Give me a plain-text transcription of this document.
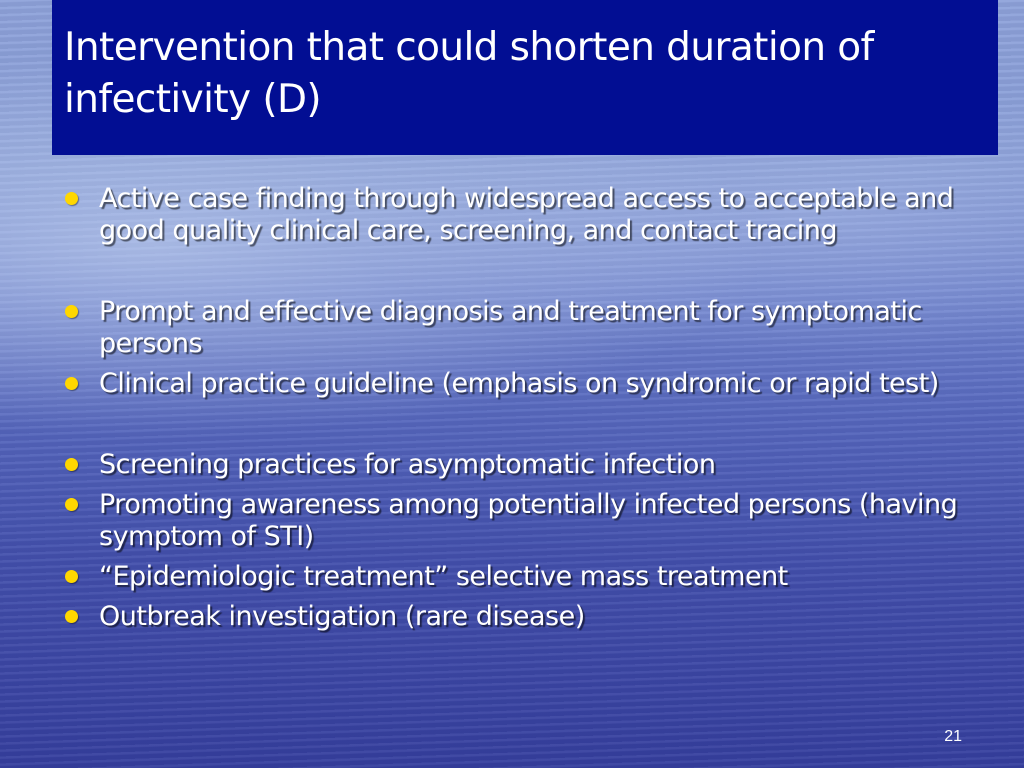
Intervention that could shorten duration of infectivity (D)
Active case finding through widespread access to acceptable and good quality clinical care, screening, and contact tracing
Prompt and effective diagnosis and treatment for symptomatic persons
Clinical practice guideline (emphasis on syndromic or rapid test)
Screening practices for asymptomatic infection
Promoting awareness among potentially infected persons (having symptom of STI)
“Epidemiologic treatment” selective mass treatment
Outbreak investigation (rare disease)
21
